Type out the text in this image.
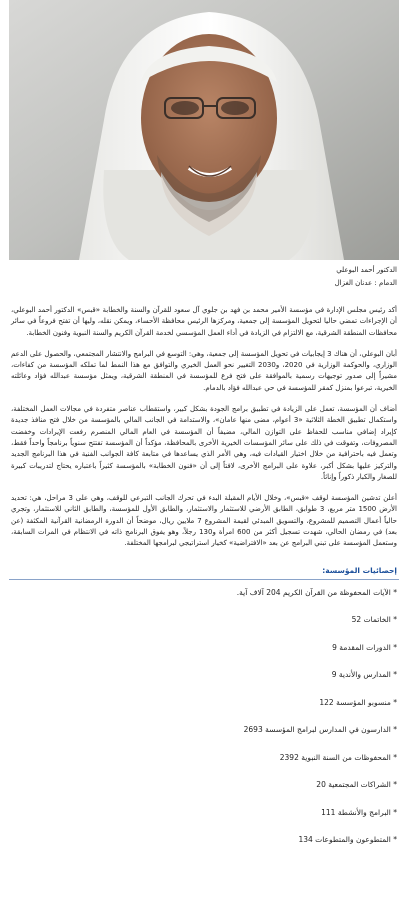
الدكتور أحمد البوعلي
الدمام : عدنان الغزال

أكد رئيس مجلس الإدارة في مؤسسة الأمير محمد بن فهد بن جلوي آل سعود للقرآن والسنة والخطابة «قبس» الدكتور أحمد البوعلي، أن الإجراءات تمضي حاليا لتحويل المؤسسة إلى جمعية، ومركزها الرئيس محافظة الأحساء، ويمكن نقله، وليها أن تفتح فروعاً في سائر محافظات المنطقة الشرقية، مع الالتزام في الزيادة في أداء العمل المؤسسي لخدمة القرآن الكريم والسنة النبوية وفنون الخطابة.

أبان البوعلي، أن هناك 3 إيجابيات في تحويل المؤسسة إلى جمعية، وهي: التوسع في البرامج والانتشار المجتمعي، والحصول على الدعم الوزاري، والحوكمة الوزارية في 2020، و2030 التغيير نحو العمل الخيري والتوافق مع هذا النمط لما تملكه المؤسسة من كفاءات، مشيراً إلى صدور توجيهات رسمية بالموافقة على فتح فرع للمؤسسة في المنطقة الشرقية، ويمثل مؤسسة عبدالله فؤاد وعائلته الخيرية، تبرعوا بمنزل كمقر للمؤسسة في حي عبدالله فؤاد بالدمام.

أضاف أن المؤسسة، تعمل على الزيادة في تطبيق برامج الجودة بشكل كبير، واستقطاب عناصر متفردة في مجالات العمل المختلفة، واستكمال تطبيق الخطة الثلاثية «3 أعوام، مضى منها عامان»، والاستدامة في الجانب المالي بالمؤسسة من خلال فتح منافذ جديدة كإيراد إضافي مناسب للحفاظ على التوازن المالي، مضيفاً أن المؤسسة في العام المالي المنصرم رفعت الإيرادات وخفضت المصروفات، وتفوقت في ذلك على سائر المؤسسات الخيرية الأخرى بالمحافظة، مؤكداً أن المؤسسة تفتتح سنوياً برنامجاً واحداً فقط، وتعمل فيه باحترافية من خلال اختيار القيادات فيه، وهي الأمر الذي يساعدها في متابعة كافة الجوانب الفنية في هذا البرنامج الجديد والتركيز عليها بشكل أكبر، علاوة على البرامج الأخرى، لافتاً إلى أن «فنون الخطابة» بالمؤسسة كثيراً باعتباره يحتاج لتدريبات كبيرة للصغار والكبار ذكوراً وإناثاً.

أعلن تدشين المؤسسة لوقف «قبس»، وخلال الأيام المقبلة البدء في تحرك الجانب التبرعي للوقف، وهي على 3 مراحل، هي: تحديد الأرض 1500 متر مربع، 3 طوابق، الطابق الأرضي للاستثمار والاستثمار، والطابق الأول للمؤسسة، والطابق الثاني للاستثمار، وتجري حالياً أعمال التصميم للمشروع، والتسويق المبدئي لقيمة المشروع 7 ملايين ريال، موضحاً أن الدورة الرمضانية القرآنية المكثفة (عن بعد) في رمضان الحالي، شهدت تسجيل أكثر من 600 امرأة و130 رجلاً، وهو يفوق البرنامج ذاته في الانتظام في المرات السابقة، وستعمل المؤسسة على تبني البرامج عن بعد «الافتراضية» كخيار استراتيجي لبرامجها المختلفة.

إحصائيات المؤسسة:
* الآيات المحفوظة من القرآن الكريم 204 آلاف آية.
* الخاتمات 52
* الدورات المقدمة 9
* المدارس والأندية 9
* منسوبو المؤسسة 122
* الدارسون في المدارس لبرامج المؤسسة 2693
* المحفوظات من السنة النبوية 2392
* الشراكات المجتمعية 20
* البرامج والأنشطة 111
* المتطوعون والمتطوعات 134
